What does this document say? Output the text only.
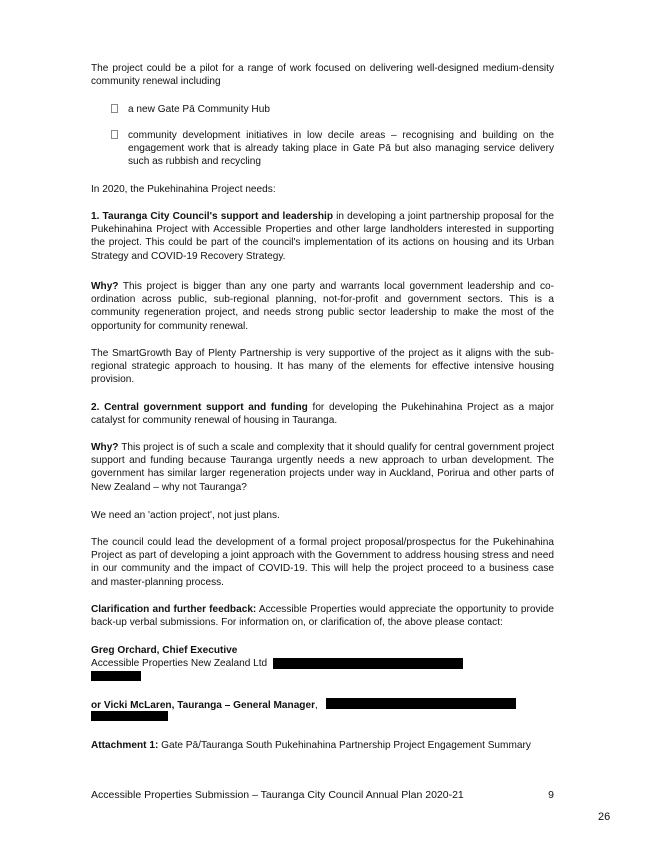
The project could be a pilot for a range of work focused on delivering well-designed medium-density community renewal including

a new Gate Pā Community Hub

community development initiatives in low decile areas – recognising and building on the engagement work that is already taking place in Gate Pā but also managing service delivery such as rubbish and recycling

In 2020, the Pukehinahina Project needs:

1. Tauranga City Council's support and leadership in developing a joint partnership proposal for the Pukehinahina Project with Accessible Properties and other large landholders interested in supporting the project. This could be part of the council's implementation of its actions on housing and its Urban Strategy and COVID-19 Recovery Strategy.

Why? This project is bigger than any one party and warrants local government leadership and co-ordination across public, sub-regional planning, not-for-profit and government sectors. This is a community regeneration project, and needs strong public sector leadership to make the most of the opportunity for community renewal.

The SmartGrowth Bay of Plenty Partnership is very supportive of the project as it aligns with the sub-regional strategic approach to housing. It has many of the elements for effective intensive housing provision.

2. Central government support and funding for developing the Pukehinahina Project as a major catalyst for community renewal of housing in Tauranga.

Why? This project is of such a scale and complexity that it should qualify for central government project support and funding because Tauranga urgently needs a new approach to urban development. The government has similar larger regeneration projects under way in Auckland, Porirua and other parts of New Zealand – why not Tauranga?

We need an 'action project', not just plans.

The council could lead the development of a formal project proposal/prospectus for the Pukehinahina Project as part of developing a joint approach with the Government to address housing stress and need in our community and the impact of COVID-19. This will help the project proceed to a business case and master-planning process.

Clarification and further feedback: Accessible Properties would appreciate the opportunity to provide back-up verbal submissions. For information on, or clarification of, the above please contact:

Greg Orchard, Chief Executive

Accessible Properties New Zealand Ltd

or Vicki McLaren, Tauranga – General Manager,

Attachment 1: Gate Pā/Tauranga South Pukehinahina Partnership Project Engagement Summary

Accessible Properties Submission – Tauranga City Council Annual Plan 2020-21	9
26
